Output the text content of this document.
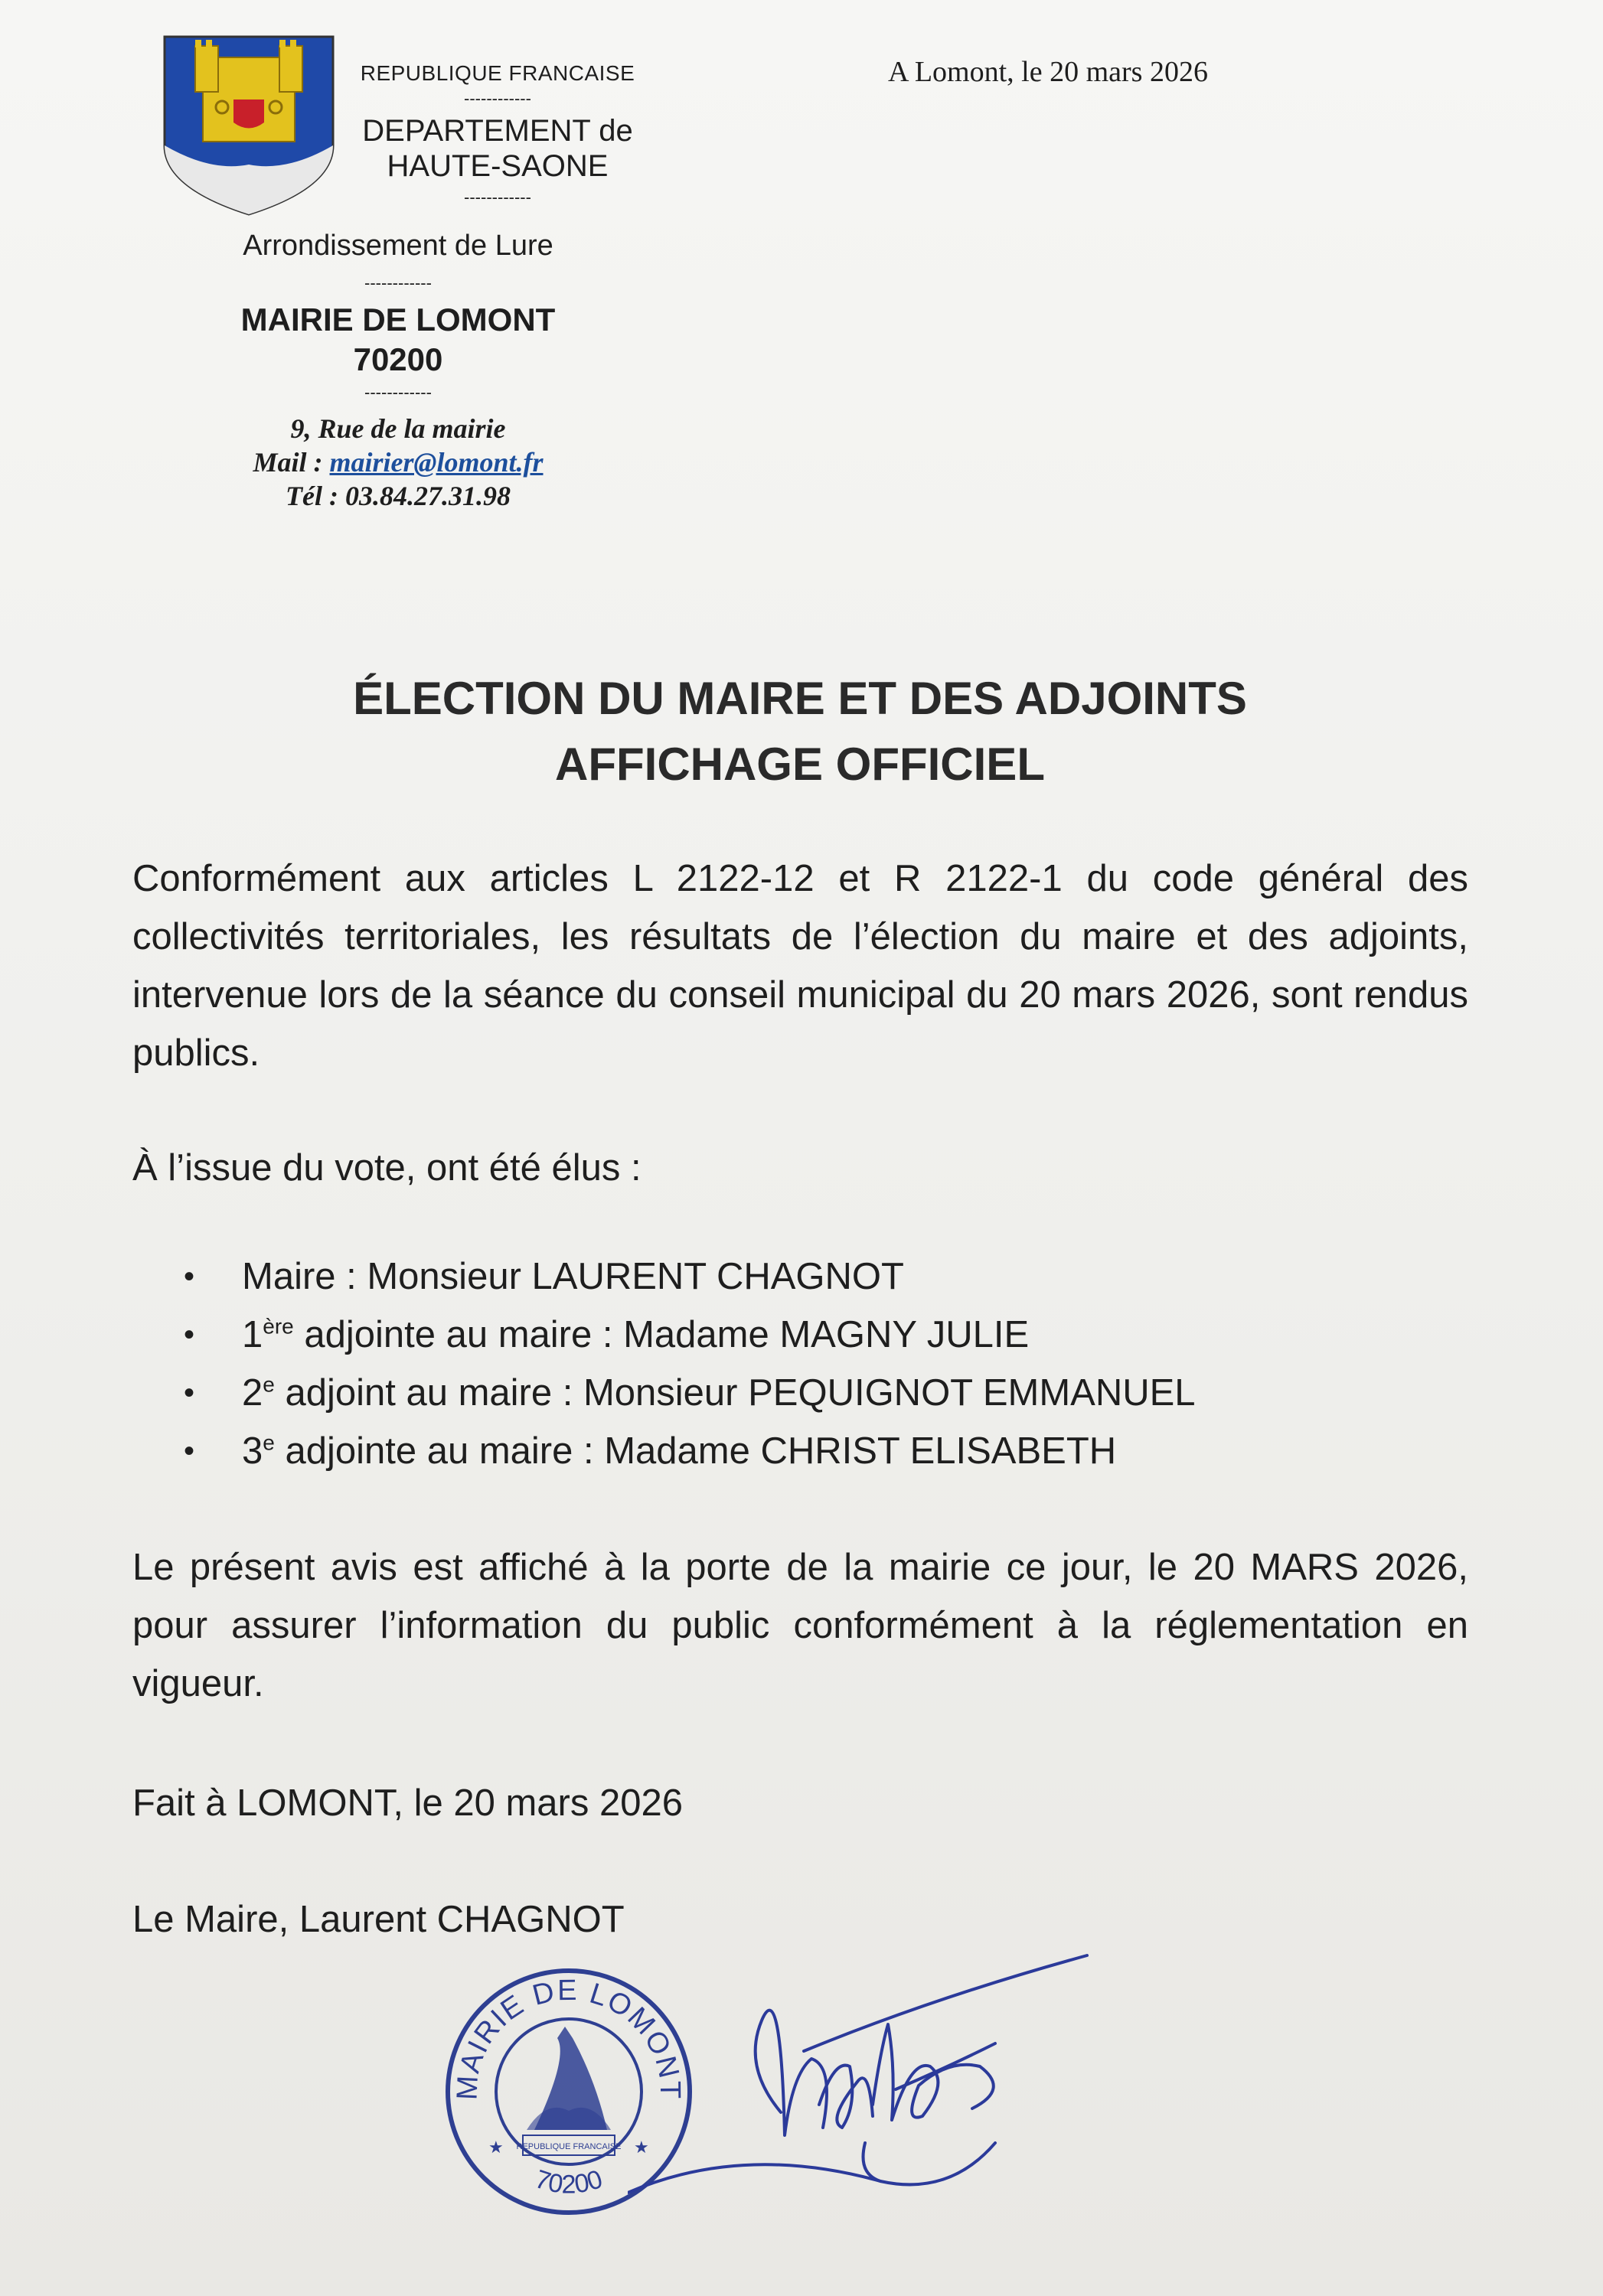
REPUBLIQUE FRANCAISE
------------
DEPARTEMENT de
HAUTE-SAONE
------------
Arrondissement de Lure
------------
MAIRIE DE LOMONT
70200
------------
9, Rue de la mairie
Mail : mairier@lomont.fr
Tél : 03.84.27.31.98
A Lomont, le 20 mars 2026
ÉLECTION DU MAIRE ET DES ADJOINTS
AFFICHAGE OFFICIEL
Conformément aux articles L 2122-12 et R 2122-1 du code général des collectivités territoriales, les résultats de l’élection du maire et des adjoints, intervenue lors de la séance du conseil municipal du 20 mars 2026, sont rendus publics.
À l’issue du vote, ont été élus :
• Maire : Monsieur LAURENT CHAGNOT
• 1ère adjointe au maire : Madame MAGNY JULIE
• 2e adjoint au maire : Monsieur PEQUIGNOT EMMANUEL
• 3e adjointe au maire : Madame CHRIST ELISABETH
Le présent avis est affiché à la porte de la mairie ce jour, le 20 MARS 2026, pour assurer l’information du public conformément à la réglementation en vigueur.
Fait à LOMONT, le 20 mars 2026
Le Maire, Laurent CHAGNOT
MAIRIE DE LOMONT
70200
★	★
REPUBLIQUE FRANCAISE
